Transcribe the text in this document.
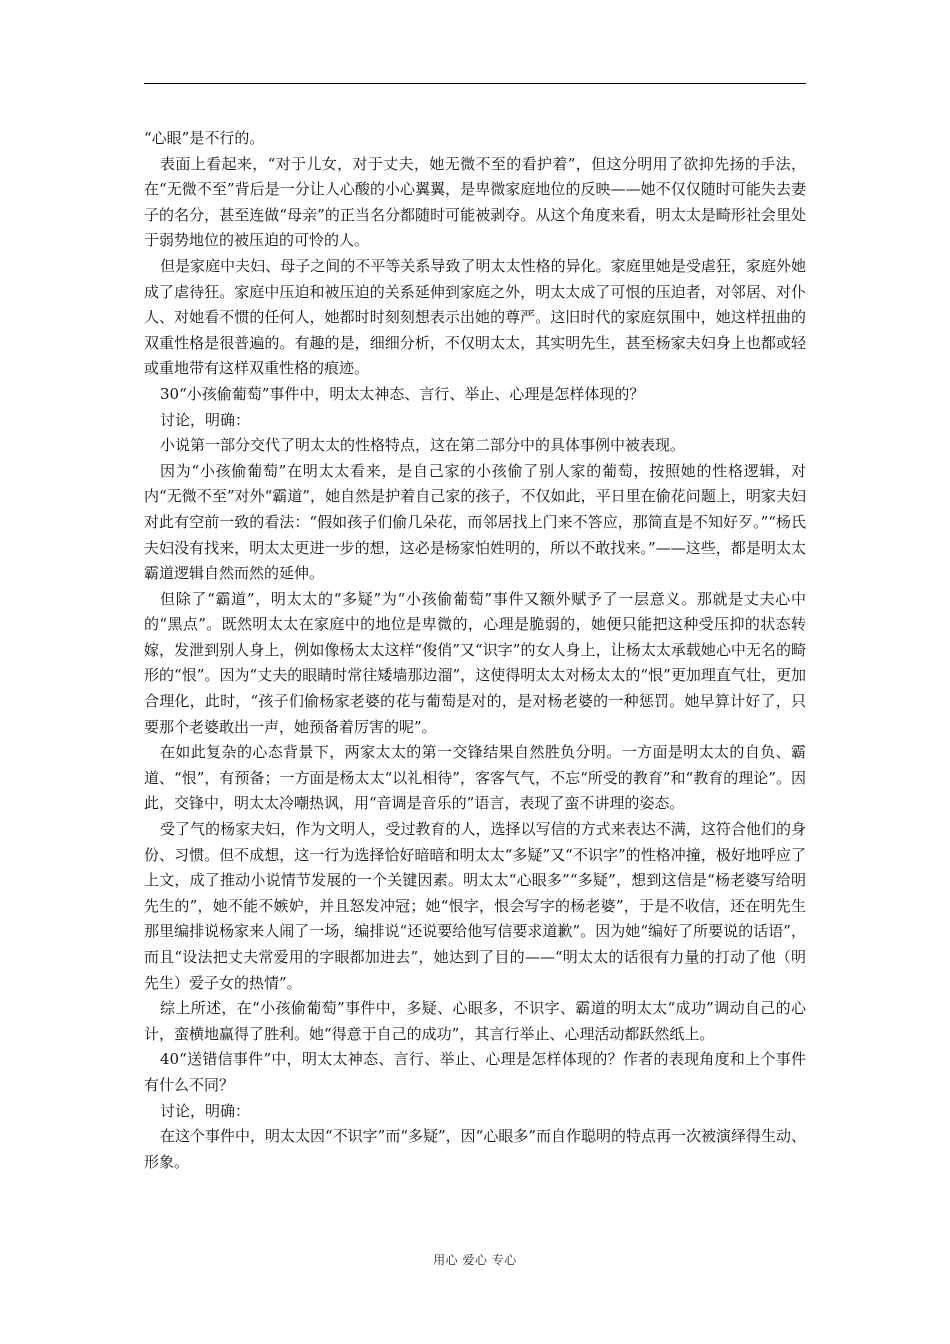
“心眼”是不行的。

表面上看起来，“对于儿女，对于丈夫，她无微不至的看护着”，但这分明用了欲抑先扬的手法，在“无微不至”背后是一分让人心酸的小心翼翼，是卑微家庭地位的反映——她不仅仅随时可能失去妻子的名分，甚至连做“母亲”的正当名分都随时可能被剥夺。从这个角度来看，明太太是畸形社会里处于弱势地位的被压迫的可怜的人。

但是家庭中夫妇、母子之间的不平等关系导致了明太太性格的异化。家庭里她是受虐狂，家庭外她成了虐待狂。家庭中压迫和被压迫的关系延伸到家庭之外，明太太成了可恨的压迫者，对邻居、对仆人、对她看不惯的任何人，她都时时刻刻想表示出她的尊严。这旧时代的家庭氛围中，她这样扭曲的双重性格是很普遍的。有趣的是，细细分析，不仅明太太，其实明先生，甚至杨家夫妇身上也都或轻或重地带有这样双重性格的痕迹。

30“小孩偷葡萄”事件中，明太太神态、言行、举止、心理是怎样体现的？

讨论，明确：

小说第一部分交代了明太太的性格特点，这在第二部分中的具体事例中被表现。

因为“小孩偷葡萄”在明太太看来，是自己家的小孩偷了别人家的葡萄，按照她的性格逻辑，对内“无微不至”对外“霸道”，她自然是护着自己家的孩子，不仅如此，平日里在偷花问题上，明家夫妇对此有空前一致的看法：“假如孩子们偷几朵花，而邻居找上门来不答应，那简直是不知好歹。”“杨氏夫妇没有找来，明太太更进一步的想，这必是杨家怕姓明的，所以不敢找来。”——这些，都是明太太霸道逻辑自然而然的延伸。

但除了“霸道”，明太太的“多疑”为“小孩偷葡萄”事件又额外赋予了一层意义。那就是丈夫心中的“黑点”。既然明太太在家庭中的地位是卑微的，心理是脆弱的，她便只能把这种受压抑的状态转嫁，发泄到别人身上，例如像杨太太这样“俊俏”又“识字”的女人身上，让杨太太承载她心中无名的畸形的“恨”。因为“丈夫的眼睛时常往矮墙那边溜”，这使得明太太对杨太太的“恨”更加理直气壮，更加合理化，此时，“孩子们偷杨家老婆的花与葡萄是对的，是对杨老婆的一种惩罚。她早算计好了，只要那个老婆敢出一声，她预备着厉害的呢”。

在如此复杂的心态背景下，两家太太的第一交锋结果自然胜负分明。一方面是明太太的自负、霸道、“恨”，有预备；一方面是杨太太“以礼相待”，客客气气，不忘“所受的教育”和“教育的理论”。因此，交锋中，明太太冷嘲热讽，用“音调是音乐的”语言，表现了蛮不讲理的姿态。

受了气的杨家夫妇，作为文明人，受过教育的人，选择以写信的方式来表达不满，这符合他们的身份、习惯。但不成想，这一行为选择恰好暗暗和明太太“多疑”又“不识字”的性格冲撞，极好地呼应了上文，成了推动小说情节发展的一个关键因素。明太太“心眼多”“多疑”，想到这信是“杨老婆写给明先生的”，她不能不嫉妒，并且怒发冲冠；她“恨字，恨会写字的杨老婆”，于是不收信，还在明先生那里编排说杨家来人闹了一场，编排说“还说要给他写信要求道歉”。因为她“编好了所要说的话语”，而且“设法把丈夫常爱用的字眼都加进去”，她达到了目的——“明太太的话很有力量的打动了他（明先生）爱子女的热情”。

综上所述，在“小孩偷葡萄”事件中，多疑、心眼多，不识字、霸道的明太太“成功”调动自己的心计，蛮横地赢得了胜利。她“得意于自己的成功”，其言行举止、心理活动都跃然纸上。

40“送错信事件”中，明太太神态、言行、举止、心理是怎样体现的？作者的表现角度和上个事件有什么不同？

讨论，明确：

在这个事件中，明太太因“不识字”而“多疑”，因“心眼多”而自作聪明的特点再一次被演绎得生动、形象。

用心 爱心 专心
